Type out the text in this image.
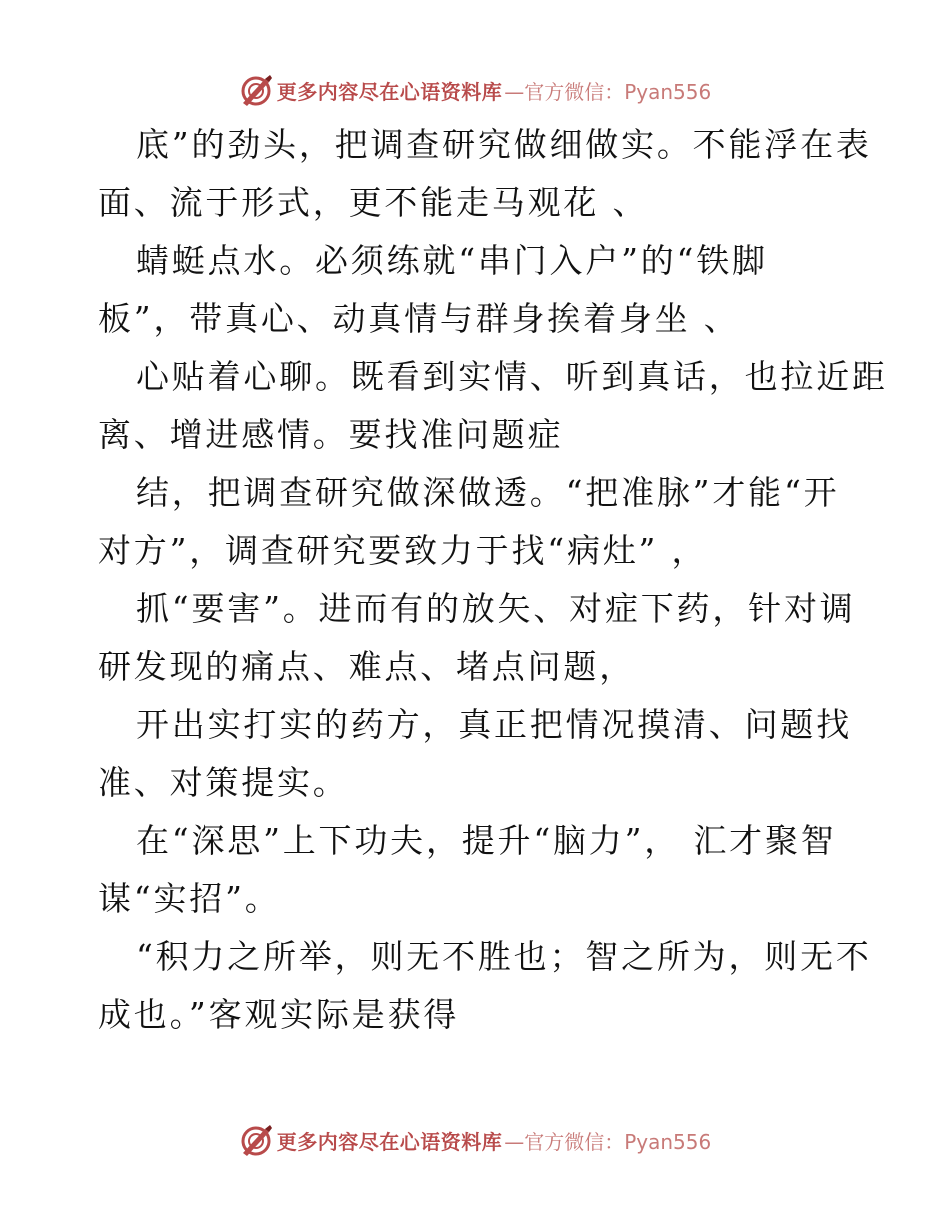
更多内容尽在心语资料库 —官方微信：Pyan556
底”的劲头，把调查研究做细做实。不能浮在表
面、流于形式，更不能走马观花 、
蜻蜓点水。必须练就“串门入户”的“铁脚
板”，带真心、动真情与群身挨着身坐 、
心贴着心聊。既看到实情、听到真话，也拉近距
离、增进感情。要找准问题症
结，把调查研究做深做透。“把准脉”才能“开
对方”，调查研究要致力于找“病灶” ，
抓“要害”。进而有的放矢、对症下药，针对调
研发现的痛点、难点、堵点问题，
开出实打实的药方，真正把情况摸清、问题找
准、对策提实。
在“深思”上下功夫，提升“脑力”， 汇才聚智
谋“实招”。
“积力之所举，则无不胜也；智之所为，则无不
成也。”客观实际是获得
更多内容尽在心语资料库 —官方微信：Pyan556
